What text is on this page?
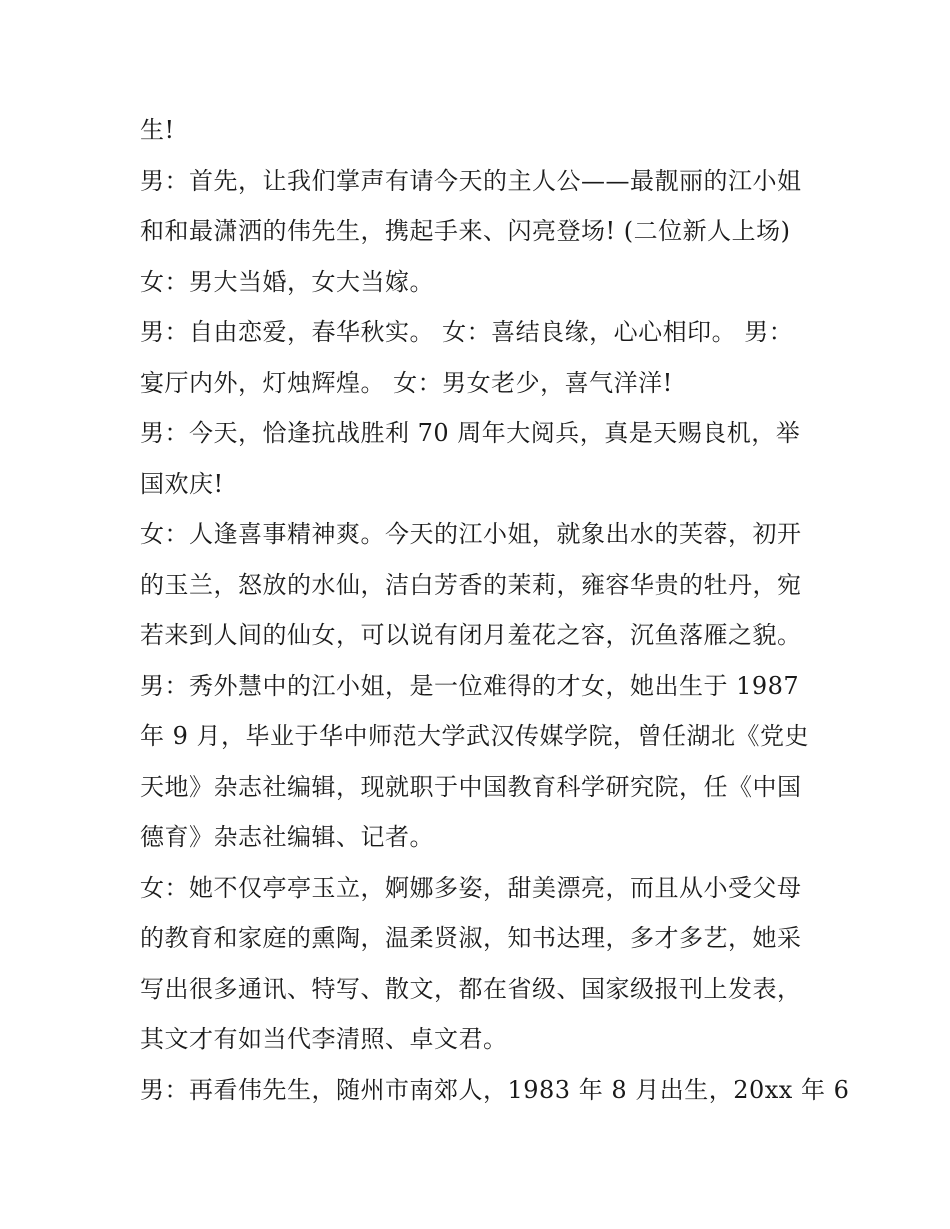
生!
男：首先，让我们掌声有请今天的主人公——最靓丽的江小姐
和和最潇洒的伟先生，携起手来、闪亮登场! (二位新人上场)
女：男大当婚，女大当嫁。
男：自由恋爱，春华秋实。 女：喜结良缘，心心相印。 男：
宴厅内外，灯烛辉煌。 女：男女老少，喜气洋洋!
男：今天，恰逢抗战胜利 70 周年大阅兵，真是天赐良机，举
国欢庆!
女：人逢喜事精神爽。今天的江小姐，就象出水的芙蓉，初开
的玉兰，怒放的水仙，洁白芳香的茉莉，雍容华贵的牡丹，宛
若来到人间的仙女，可以说有闭月羞花之容，沉鱼落雁之貌。
男：秀外慧中的江小姐，是一位难得的才女，她出生于 1987
年 9 月，毕业于华中师范大学武汉传媒学院，曾任湖北《党史
天地》杂志社编辑，现就职于中国教育科学研究院，任《中国
德育》杂志社编辑、记者。
女：她不仅亭亭玉立，婀娜多姿，甜美漂亮，而且从小受父母
的教育和家庭的熏陶，温柔贤淑，知书达理，多才多艺，她采
写出很多通讯、特写、散文，都在省级、国家级报刊上发表，
其文才有如当代李清照、卓文君。
男：再看伟先生，随州市南郊人，1983 年 8 月出生，20xx 年 6
